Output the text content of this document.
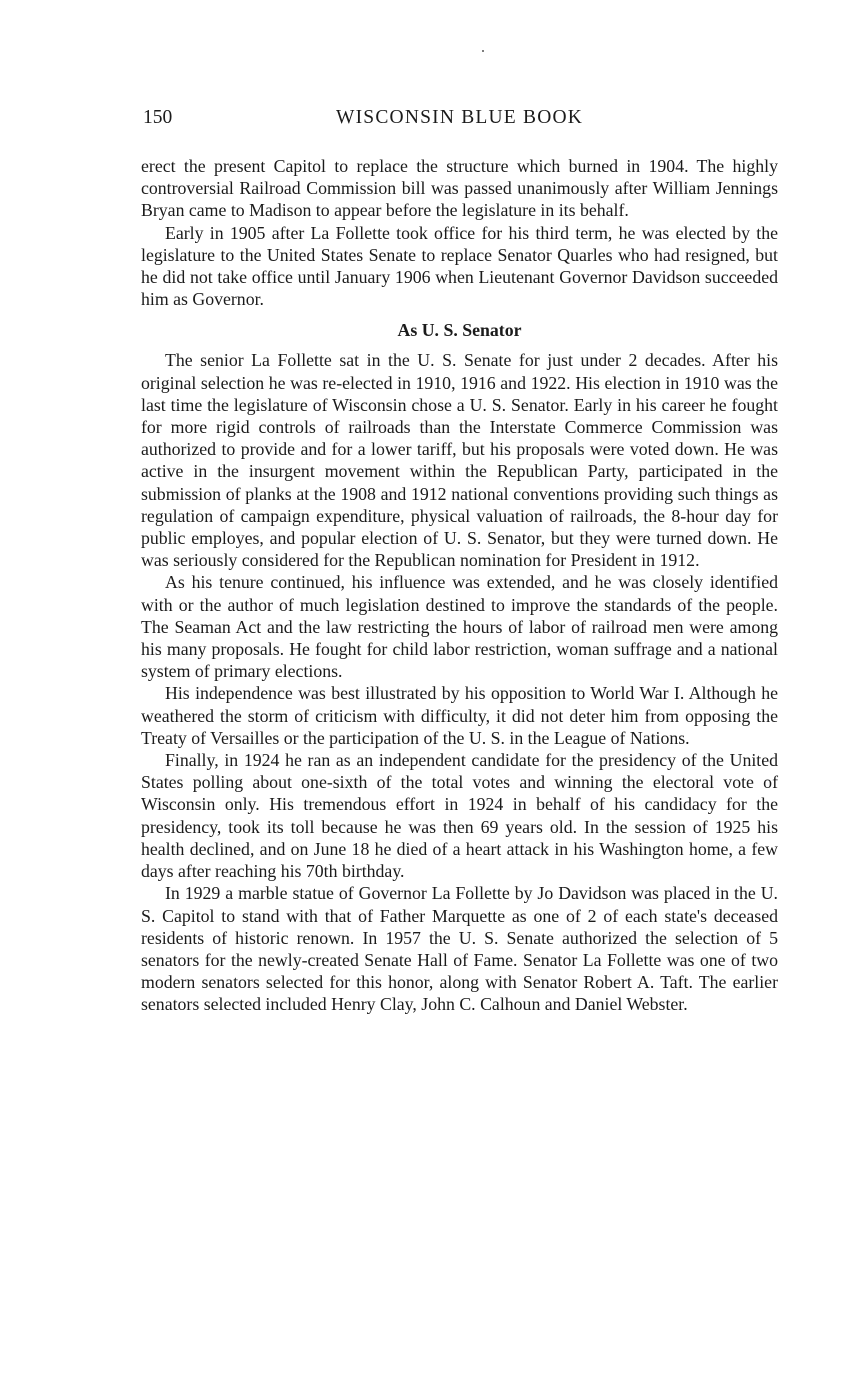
150	WISCONSIN BLUE BOOK

erect the present Capitol to replace the structure which burned in 1904. The highly controversial Railroad Commission bill was passed unanimously after William Jennings Bryan came to Madison to appear before the legislature in its behalf.

Early in 1905 after La Follette took office for his third term, he was elected by the legislature to the United States Senate to replace Senator Quarles who had resigned, but he did not take office until January 1906 when Lieutenant Governor Davidson succeeded him as Governor.

As U. S. Senator

The senior La Follette sat in the U. S. Senate for just under 2 decades. After his original selection he was re-elected in 1910, 1916 and 1922. His election in 1910 was the last time the legislature of Wisconsin chose a U. S. Senator. Early in his career he fought for more rigid controls of railroads than the Interstate Commerce Commission was authorized to provide and for a lower tariff, but his proposals were voted down. He was active in the insurgent movement within the Republican Party, participated in the submission of planks at the 1908 and 1912 national conventions providing such things as regulation of campaign expenditure, physical valuation of railroads, the 8-hour day for public employes, and popular election of U. S. Senator, but they were turned down. He was seriously considered for the Republican nomination for President in 1912.

As his tenure continued, his influence was extended, and he was closely identified with or the author of much legislation destined to improve the standards of the people. The Seaman Act and the law restricting the hours of labor of railroad men were among his many proposals. He fought for child labor restriction, woman suffrage and a national system of primary elections.

His independence was best illustrated by his opposition to World War I. Although he weathered the storm of criticism with difficulty, it did not deter him from opposing the Treaty of Versailles or the participation of the U. S. in the League of Nations.

Finally, in 1924 he ran as an independent candidate for the presidency of the United States polling about one-sixth of the total votes and winning the electoral vote of Wisconsin only. His tremendous effort in 1924 in behalf of his candidacy for the presidency, took its toll because he was then 69 years old. In the session of 1925 his health declined, and on June 18 he died of a heart attack in his Washington home, a few days after reaching his 70th birthday.

In 1929 a marble statue of Governor La Follette by Jo Davidson was placed in the U. S. Capitol to stand with that of Father Marquette as one of 2 of each state's deceased residents of historic renown. In 1957 the U. S. Senate authorized the selection of 5 senators for the newly-created Senate Hall of Fame. Senator La Follette was one of two modern senators selected for this honor, along with Senator Robert A. Taft. The earlier senators selected included Henry Clay, John C. Calhoun and Daniel Webster.
